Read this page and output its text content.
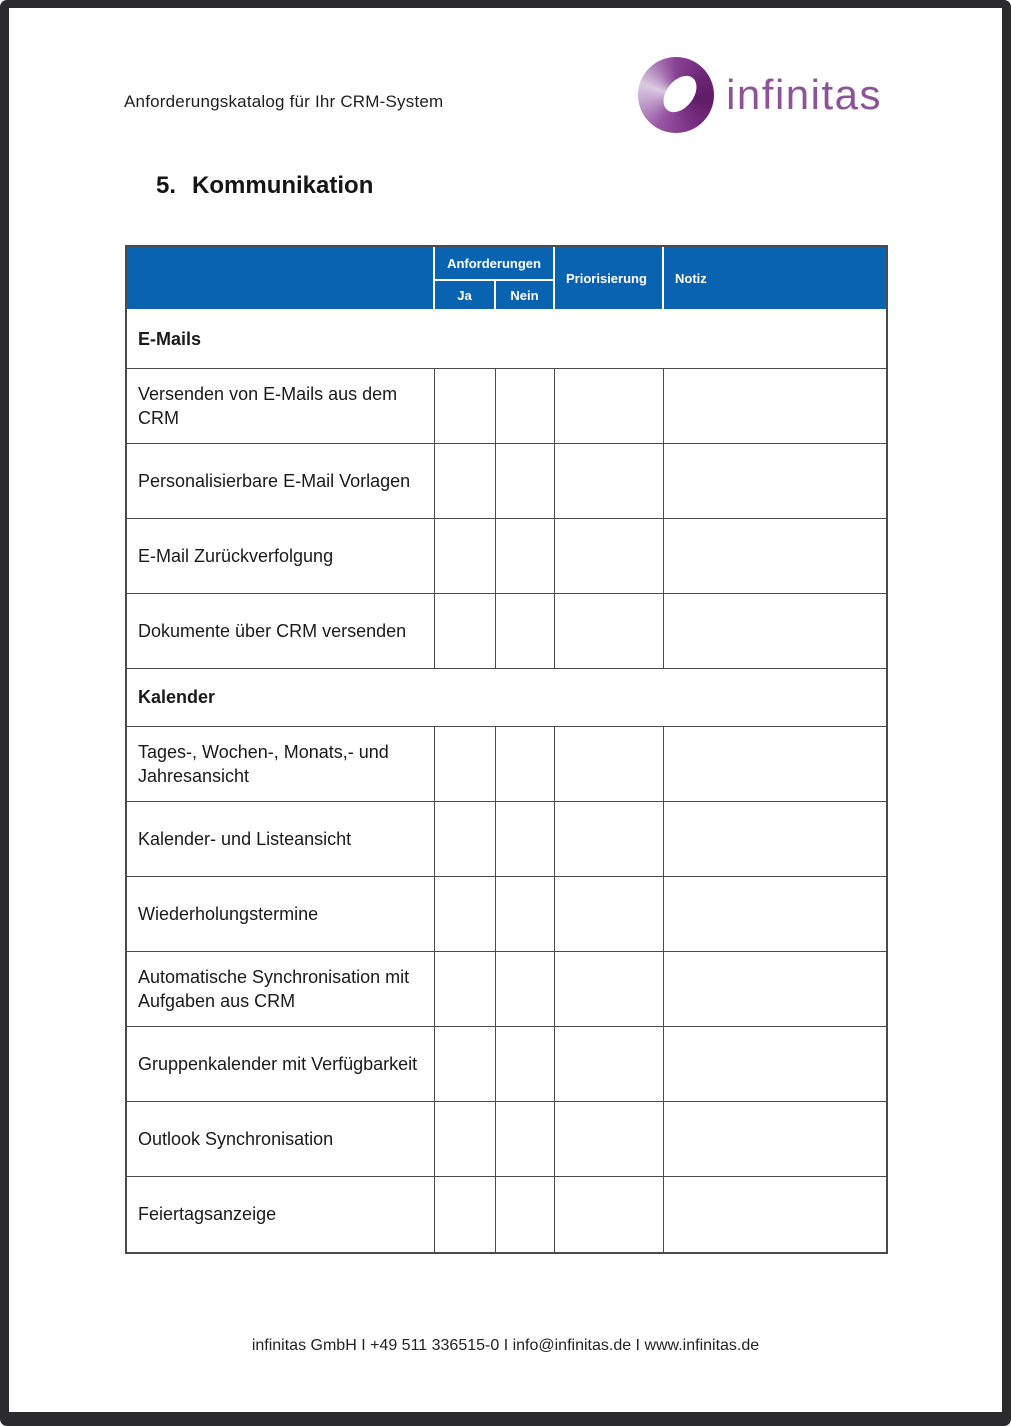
Anforderungskatalog für Ihr CRM-System	infinitas
5. Kommunikation
	Anforderungen		Priorisierung	Notiz
	Ja	Nein		
E-Mails				
Versenden von E-Mails aus dem CRM				
Personalisierbare E-Mail Vorlagen				
E-Mail Zurückverfolgung				
Dokumente über CRM versenden				
Kalender				
Tages-, Wochen-, Monats,- und Jahresansicht				
Kalender- und Listeansicht				
Wiederholungstermine				
Automatische Synchronisation mit Aufgaben aus CRM				
Gruppenkalender mit Verfügbarkeit				
Outlook Synchronisation				
Feiertagsanzeige				
infinitas GmbH I +49 511 336515-0 I info@infinitas.de I www.infinitas.de
